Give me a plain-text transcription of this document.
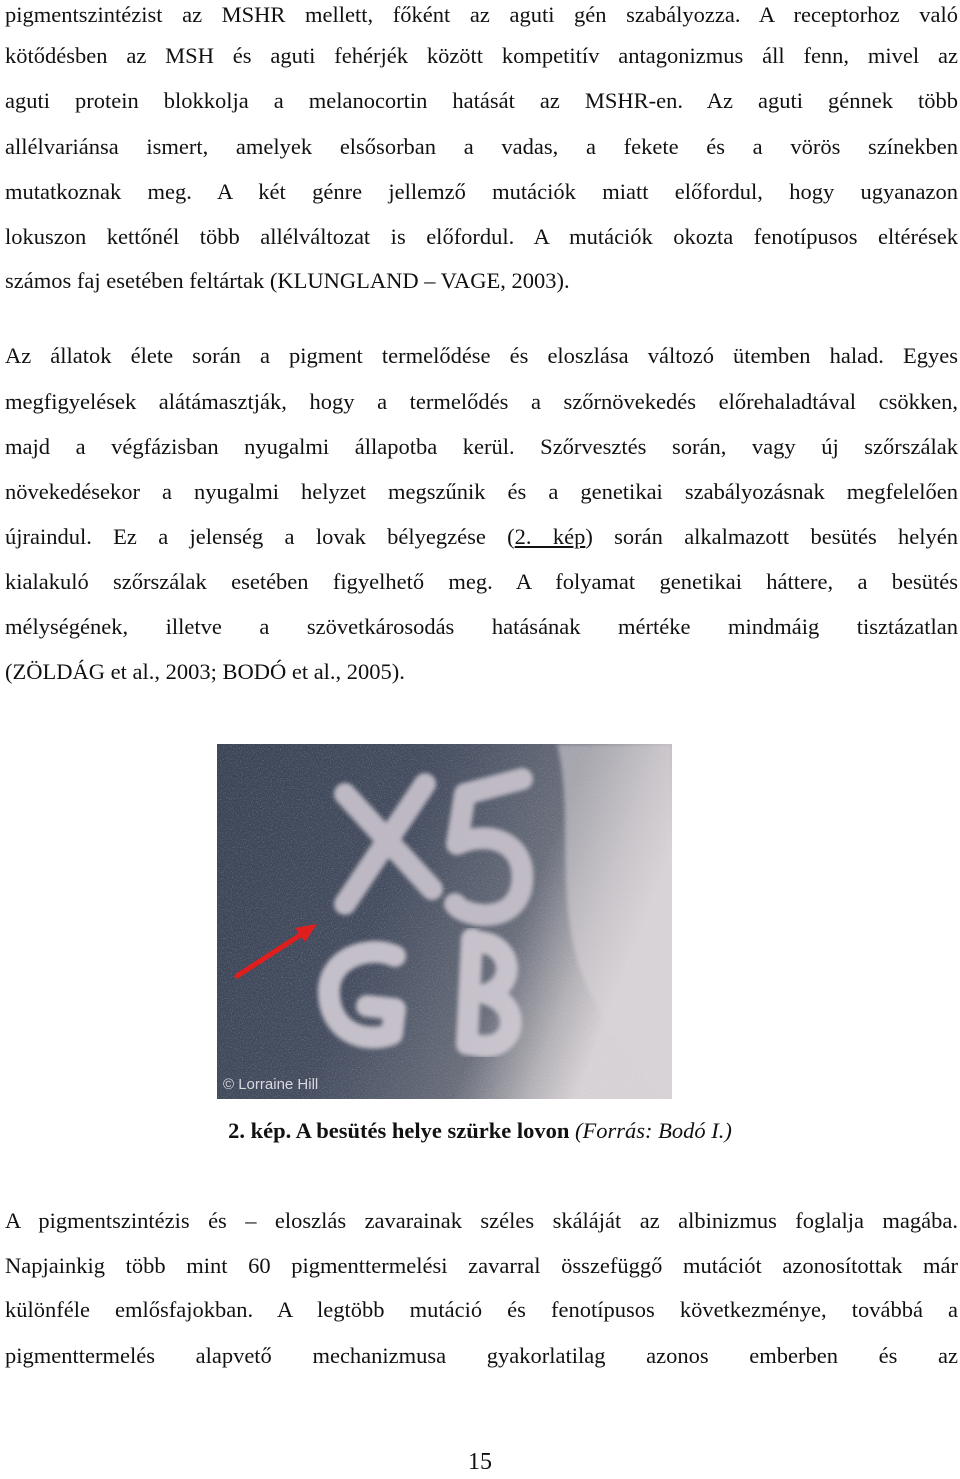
pigmentszintézist az MSHR mellett, főként az aguti gén szabályozza. A receptorhoz való
kötődésben az MSH és aguti fehérjék között kompetitív antagonizmus áll fenn, mivel az
aguti protein blokkolja a melanocortin hatását az MSHR-en. Az aguti génnek több
allélvariánsa ismert, amelyek elsősorban a vadas, a fekete és a vörös színekben
mutatkoznak meg. A két génre jellemző mutációk miatt előfordul, hogy ugyanazon
lokuszon kettőnél több allélváltozat is előfordul. A mutációk okozta fenotípusos eltérések
számos faj esetében feltártak (KLUNGLAND – VAGE, 2003).
Az állatok élete során a pigment termelődése és eloszlása változó ütemben halad. Egyes
megfigyelések alátámasztják, hogy a termelődés a szőrnövekedés előrehaladtával csökken,
majd a végfázisban nyugalmi állapotba kerül. Szőrvesztés során, vagy új szőrszálak
növekedésekor a nyugalmi helyzet megszűnik és a genetikai szabályozásnak megfelelően
újraindul. Ez a jelenség a lovak bélyegzése (2. kép) során alkalmazott besütés helyén
kialakuló szőrszálak esetében figyelhető meg. A folyamat genetikai háttere, a besütés
mélységének, illetve a szövetkárosodás hatásának mértéke mindmáig tisztázatlan
(ZÖLDÁG et al., 2003; BODÓ et al., 2005).
© Lorraine Hill
2. kép. A besütés helye szürke lovon (Forrás: Bodó I.)
A pigmentszintézis és – eloszlás zavarainak széles skáláját az albinizmus foglalja magába.
Napjainkig több mint 60 pigmenttermelési zavarral összefüggő mutációt azonosítottak már
különféle emlősfajokban. A legtöbb mutáció és fenotípusos következménye, továbbá a
pigmenttermelés alapvető mechanizmusa gyakorlatilag azonos emberben és az
15
